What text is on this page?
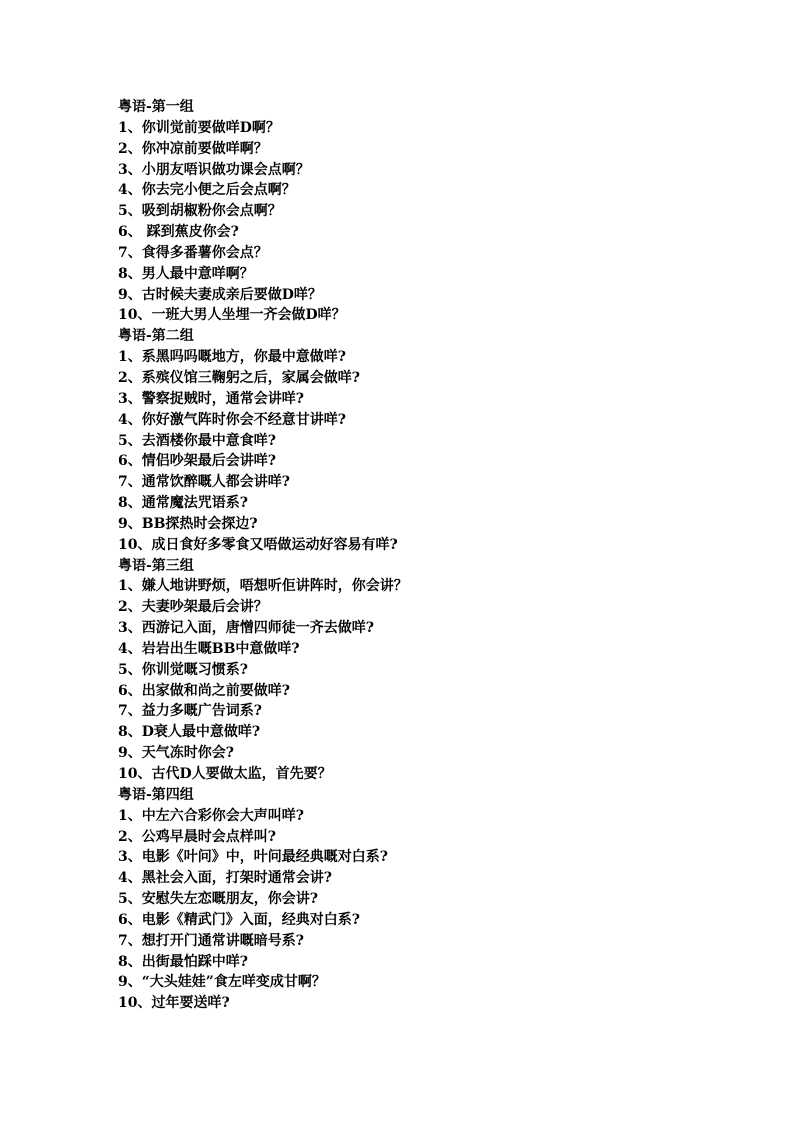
粤语-第一组
1、你训觉前要做咩D啊？
2、你冲凉前要做咩啊？
3、小朋友唔识做功课会点啊？
4、你去完小便之后会点啊？
5、吸到胡椒粉你会点啊？
6、 踩到蕉皮你会?
7、食得多番薯你会点？
8、男人最中意咩啊？
9、古时候夫妻成亲后要做D咩？
10、一班大男人坐埋一齐会做D咩？
粤语-第二组
1、系黑吗吗嘅地方，你最中意做咩?
2、系殡仪馆三鞠躬之后，家属会做咩?
3、警察捉贼时，通常会讲咩?
4、你好激气阵时你会不经意甘讲咩?
5、去酒楼你最中意食咩?
6、情侣吵架最后会讲咩?
7、通常饮醉嘅人都会讲咩?
8、通常魔法咒语系?
9、BB探热时会探边?
10、成日食好多零食又唔做运动好容易有咩?
粤语-第三组
1、嫌人地讲野烦，唔想听佢讲阵时，你会讲？
2、夫妻吵架最后会讲？
3、西游记入面，唐憎四师徒一齐去做咩?
4、岩岩出生嘅BB中意做咩?
5、你训觉嘅习惯系?
6、出家做和尚之前要做咩?
7、益力多嘅广告词系?
8、D衰人最中意做咩?
9、天气冻时你会?
10、古代D人要做太监，首先要？
粤语-第四组
1、中左六合彩你会大声叫咩?
2、公鸡早晨时会点样叫?
3、电影《叶问》中，叶问最经典嘅对白系?
4、黑社会入面，打架时通常会讲?
5、安慰失左恋嘅朋友，你会讲?
6、电影《精武门》入面，经典对白系?
7、想打开门通常讲嘅暗号系?
8、出街最怕踩中咩?
9、“大头娃娃”食左咩变成甘啊？
10、过年要送咩?
